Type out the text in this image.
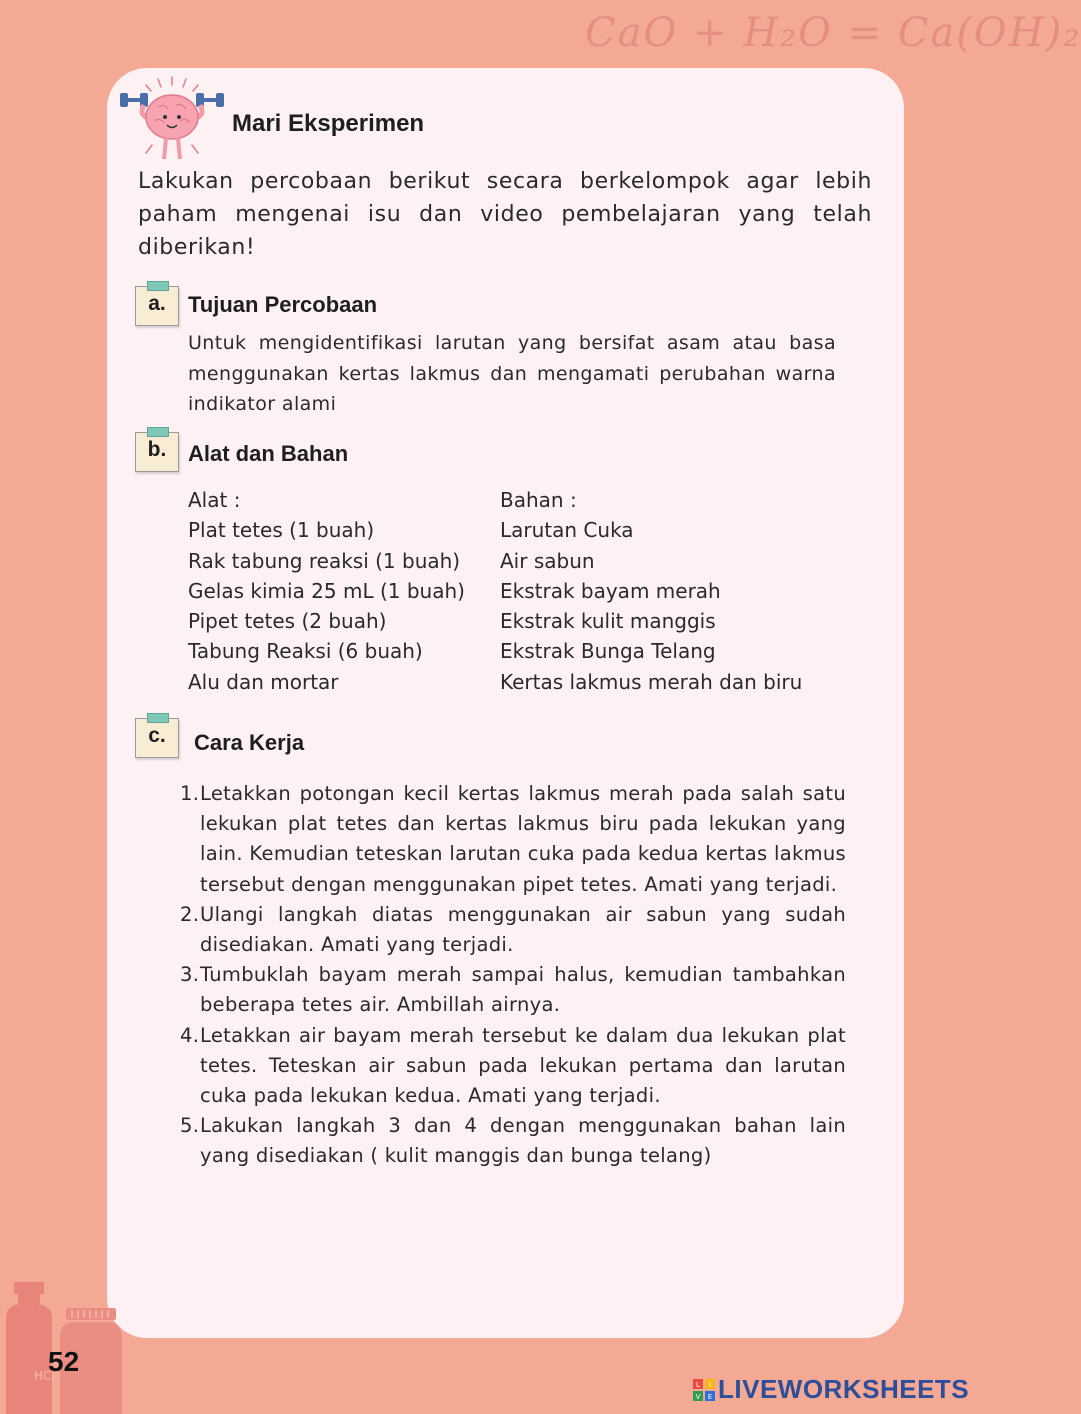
CaO + H₂O = Ca(OH)₂
Mari Eksperimen
Lakukan percobaan berikut secara berkelompok agar lebih paham mengenai isu dan video pembelajaran yang telah diberikan!
a.	Tujuan Percobaan
Untuk mengidentifikasi larutan yang bersifat asam atau basa menggunakan kertas lakmus dan mengamati perubahan warna indikator alami
b. Alat dan Bahan
Alat :
Plat tetes (1 buah)
Rak tabung reaksi (1 buah)
Gelas kimia 25 mL (1 buah)
Pipet tetes (2 buah)
Tabung Reaksi (6 buah)
Alu dan mortar
Bahan :
Larutan Cuka
Air sabun
Ekstrak bayam merah
Ekstrak kulit manggis
Ekstrak Bunga Telang
Kertas lakmus merah dan biru
c.	Cara Kerja
1. Letakkan potongan kecil kertas lakmus merah pada salah satu lekukan plat tetes dan kertas lakmus biru pada lekukan yang lain. Kemudian teteskan larutan cuka pada kedua kertas lakmus tersebut dengan menggunakan pipet tetes. Amati yang terjadi.
2. Ulangi langkah diatas menggunakan air sabun yang sudah disediakan. Amati yang terjadi.
3. Tumbuklah bayam merah sampai halus, kemudian tambahkan beberapa tetes air. Ambillah airnya.
4. Letakkan air bayam merah tersebut ke dalam dua lekukan plat tetes. Teteskan air sabun pada lekukan pertama dan larutan cuka pada lekukan kedua. Amati yang terjadi.
5. Lakukan langkah 3 dan 4 dengan menggunakan bahan lain yang disediakan ( kulit manggis dan bunga telang)
HCl
52
L I
V E LIVEWORKSHEETS
